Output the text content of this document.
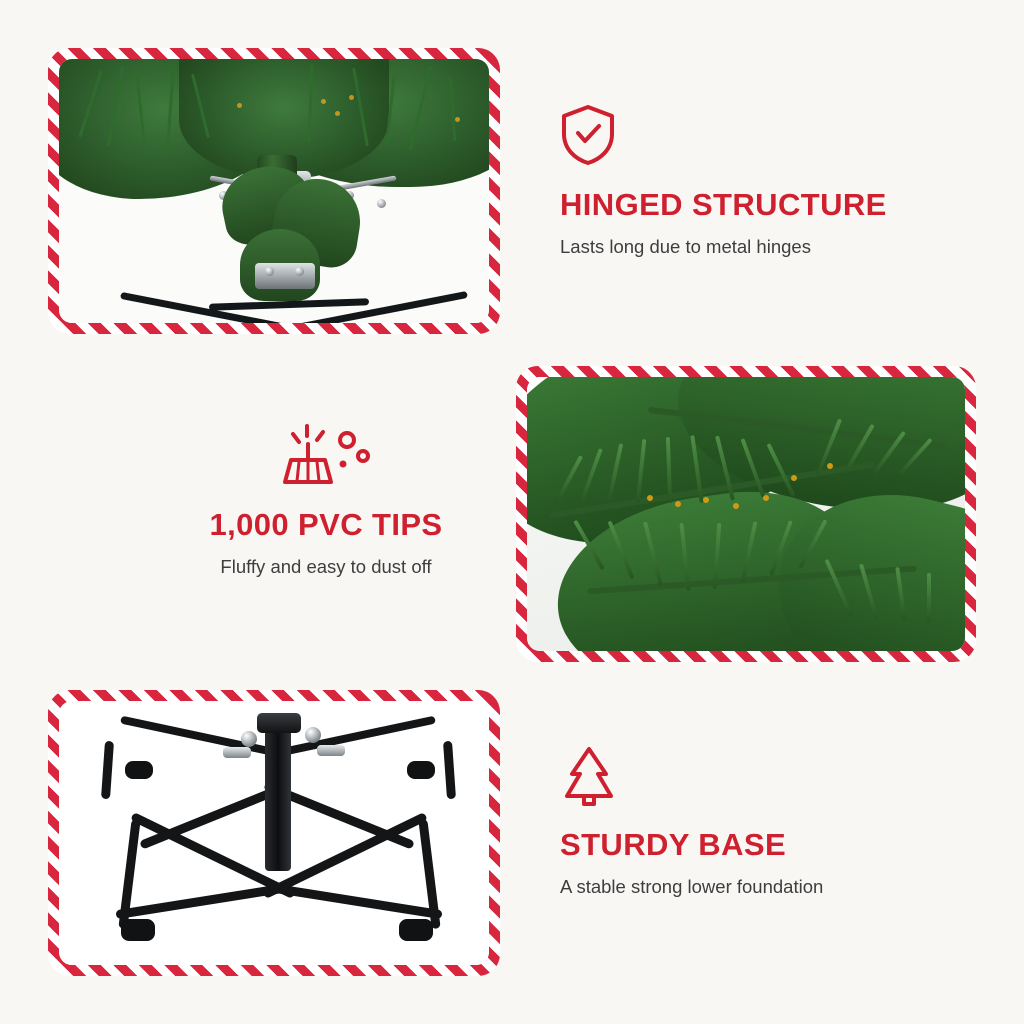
HINGED STRUCTURE

Lasts long due to metal hinges

1,000 PVC TIPS

Fluffy and easy to dust off

STURDY BASE

A stable strong lower foundation
